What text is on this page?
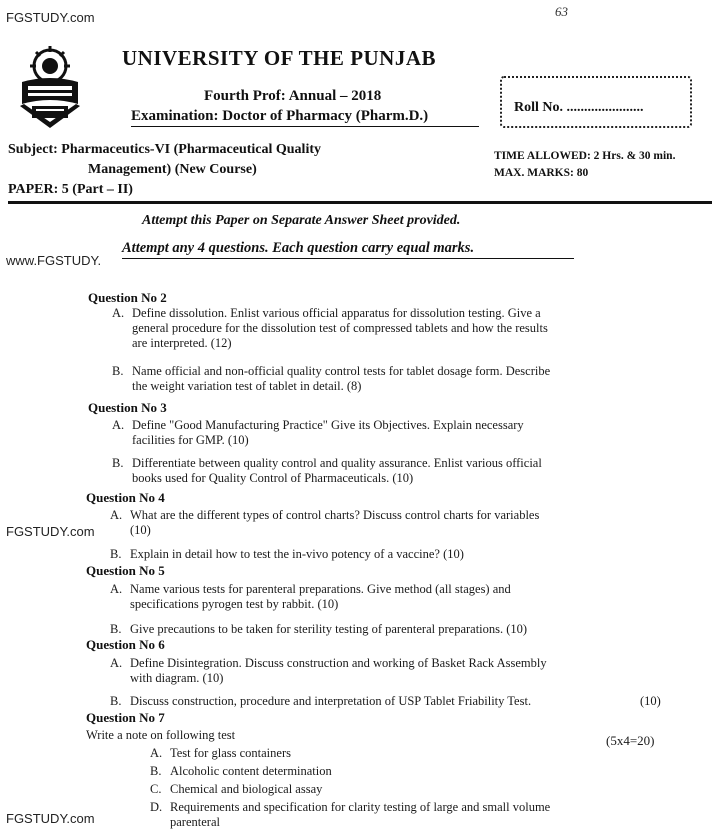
FGSTUDY.com
www.FGSTUDY.
FGSTUDY.com
FGSTUDY.com
63
UNIVERSITY OF THE PUNJAB
Fourth Prof: Annual – 2018
Examination: Doctor of Pharmacy (Pharm.D.)
Roll No. ......................
Subject: Pharmaceutics-VI (Pharmaceutical Quality
Management) (New Course)
PAPER: 5 (Part – II)
TIME ALLOWED: 2 Hrs. & 30 min.
MAX. MARKS: 80
Attempt this Paper on Separate Answer Sheet provided.
Attempt any 4 questions. Each question carry equal marks.
Question No 2
A. Define dissolution. Enlist various official apparatus for dissolution testing. Give a
general procedure for the dissolution test of compressed tablets and how the results
are interpreted. (12)
B. Name official and non-official quality control tests for tablet dosage form. Describe
the weight variation test of tablet in detail. (8)
Question No 3
A. Define "Good Manufacturing Practice" Give its Objectives. Explain necessary
facilities for GMP. (10)
B. Differentiate between quality control and quality assurance. Enlist various official
books used for Quality Control of Pharmaceuticals. (10)
Question No 4
A. What are the different types of control charts? Discuss control charts for variables
(10)
B. Explain in detail how to test the in-vivo potency of a vaccine? (10)
Question No 5
A. Name various tests for parenteral preparations. Give method (all stages) and
specifications pyrogen test by rabbit. (10)
B. Give precautions to be taken for sterility testing of parenteral preparations. (10)
Question No 6
A. Define Disintegration. Discuss construction and working of Basket Rack Assembly
with diagram. (10)
B. Discuss construction, procedure and interpretation of USP Tablet Friability Test.	(10)
Question No 7
Write a note on following test	(5x4=20)
A. Test for glass containers
B. Alcoholic content determination
C. Chemical and biological assay
D. Requirements and specification for clarity testing of large and small volume
parenteral
